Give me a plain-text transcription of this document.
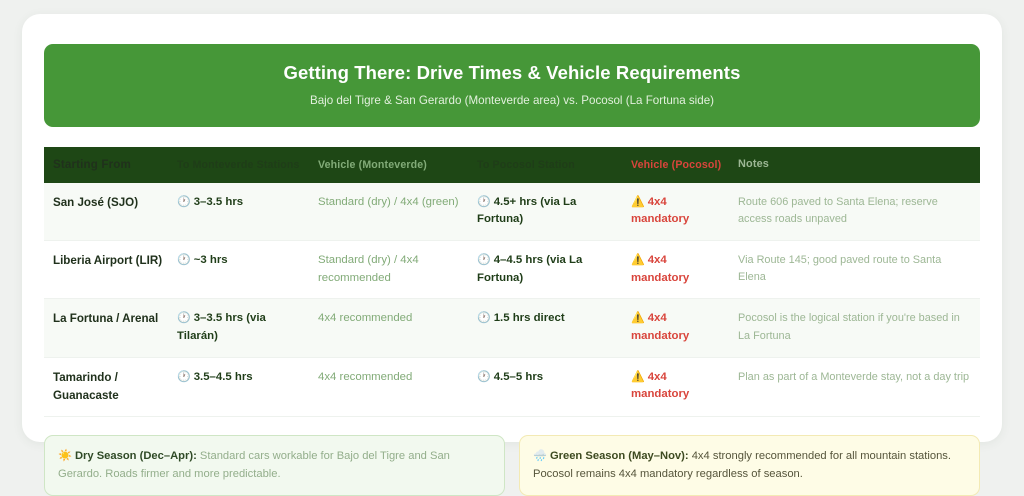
Getting There: Drive Times & Vehicle Requirements
Bajo del Tigre & San Gerardo (Monteverde area) vs. Pocosol (La Fortuna side)
Starting From	To Monteverde Stations	Vehicle (Monteverde)	To Pocosol Station	Vehicle (Pocosol)	Notes
San José (SJO)	🕐 3–3.5 hrs	Standard (dry) / 4x4 (green)	🕐 4.5+ hrs (via La Fortuna)	⚠️ 4x4 mandatory	Route 606 paved to Santa Elena; reserve access roads unpaved
Liberia Airport (LIR)	🕐 ~3 hrs	Standard (dry) / 4x4 recommended	🕐 4–4.5 hrs (via La Fortuna)	⚠️ 4x4 mandatory	Via Route 145; good paved route to Santa Elena
La Fortuna / Arenal	🕐 3–3.5 hrs (via Tilarán)	4x4 recommended	🕐 1.5 hrs direct	⚠️ 4x4 mandatory	Pocosol is the logical station if you're based in La Fortuna
Tamarindo / Guanacaste	🕐 3.5–4.5 hrs	4x4 recommended	🕐 4.5–5 hrs	⚠️ 4x4 mandatory	Plan as part of a Monteverde stay, not a day trip
☀️ Dry Season (Dec–Apr): Standard cars workable for Bajo del Tigre and San Gerardo. Roads firmer and more predictable.
🌧️ Green Season (May–Nov): 4x4 strongly recommended for all mountain stations. Pocosol remains 4x4 mandatory regardless of season.
